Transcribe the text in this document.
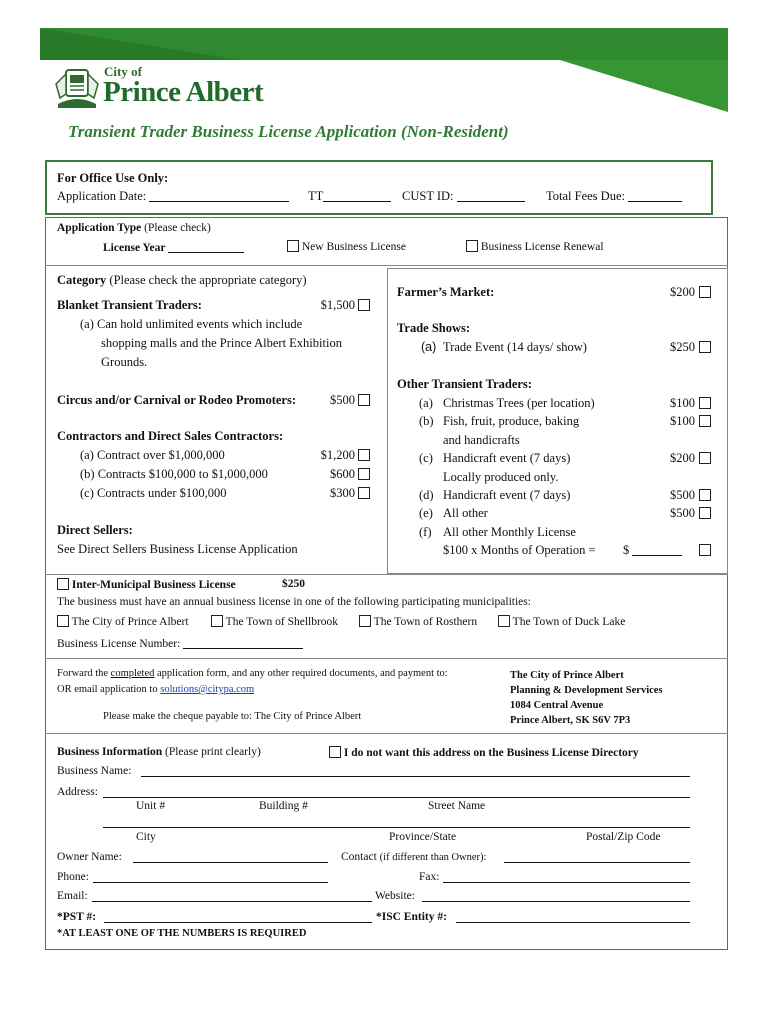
City of
Prince Albert
Transient Trader Business License Application (Non-Resident)
For Office Use Only:
Application Date:	TT	CUST ID:	Total Fees Due:
Application Type (Please check)
License Year	New Business License	Business License Renewal
Category (Please check the appropriate category)
Blanket Transient Traders:	$1,500
(a) Can hold unlimited events which include
shopping malls and the Prince Albert Exhibition
Grounds.
Circus and/or Carnival or Rodeo Promoters:	$500
Contractors and Direct Sales Contractors:
(a) Contract over $1,000,000	$1,200
(b) Contracts $100,000 to $1,000,000	$600
(c) Contracts under $100,000	$300
Direct Sellers:
See Direct Sellers Business License Application
Farmer’s Market:	$200
Trade Shows:
(a) Trade Event (14 days/ show)	$250
Other Transient Traders:
(a) Christmas Trees (per location)	$100
(b) Fish, fruit, produce, baking	$100
and handicrafts
(c) Handicraft event (7 days)	$200
Locally produced only.
(d) Handicraft event (7 days)	$500
(e) All other	$500
(f) All other Monthly License
$100 x Months of Operation = $
Inter-Municipal Business License	$250
The business must have an annual business license in one of the following participating municipalities:
The City of Prince Albert	The Town of Shellbrook	The Town of Rosthern	The Town of Duck Lake
Business License Number:
Forward the completed application form, and any other required documents, and payment to:
OR email application to solutions@citypa.com
Please make the cheque payable to: The City of Prince Albert
The City of Prince Albert
Planning & Development Services
1084 Central Avenue
Prince Albert, SK S6V 7P3
Business Information (Please print clearly)	I do not want this address on the Business License Directory
Business Name:
Address:
Unit #	Building #	Street Name
City	Province/State	Postal/Zip Code
Owner Name:	Contact (if different than Owner):
Phone:	Fax:
Email:	Website:
*PST #:	*ISC Entity #:
*AT LEAST ONE OF THE NUMBERS IS REQUIRED
